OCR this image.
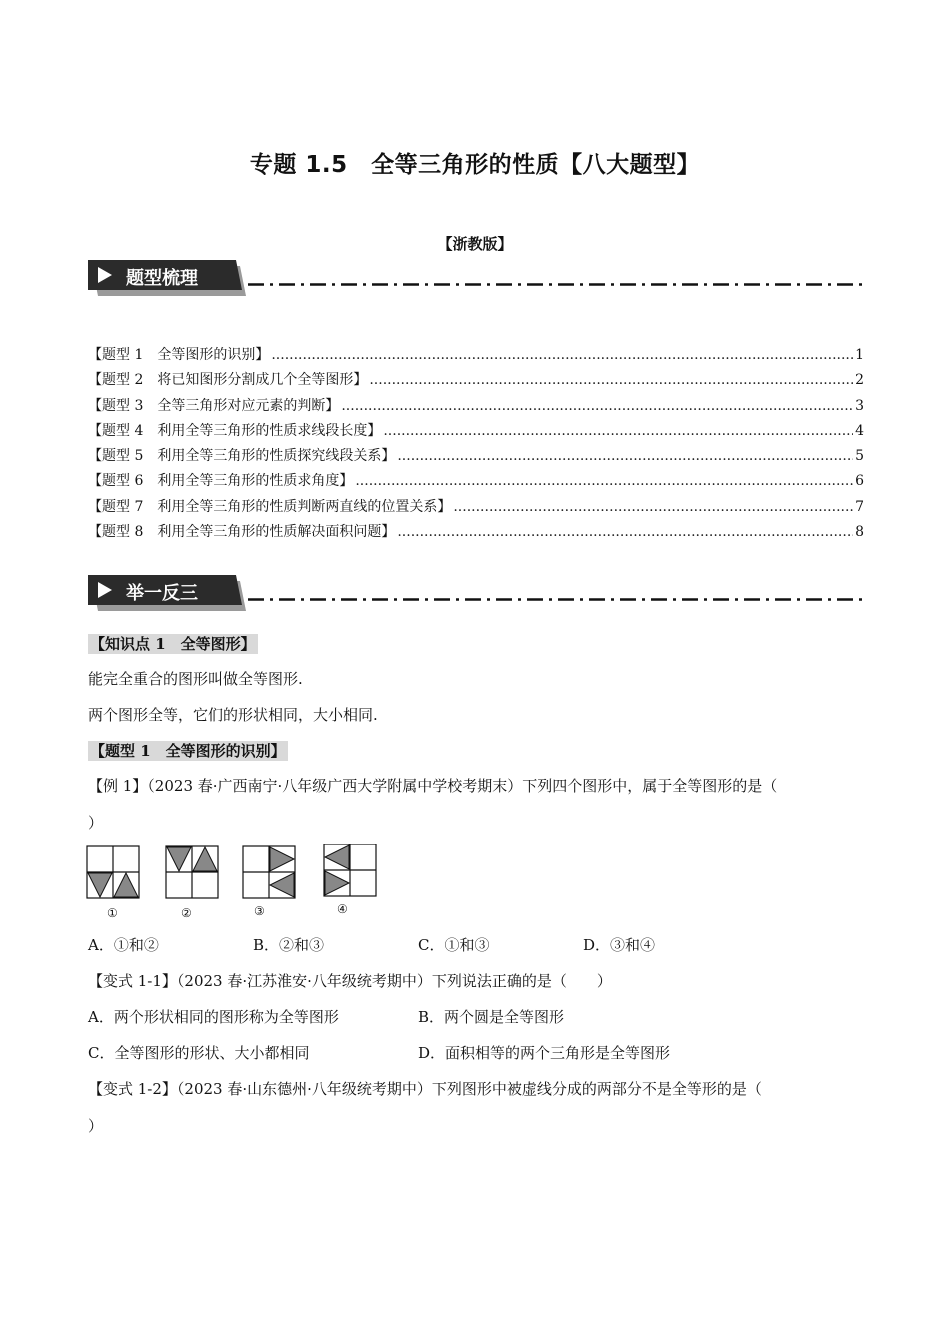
专题 1.5　全等三角形的性质【八大题型】
【浙教版】
题型梳理
【题型 1　全等图形的识别】 .....	1
【题型 2　将已知图形分割成几个全等图形】 .....	2
【题型 3　全等三角形对应元素的判断】 .....	3
【题型 4　利用全等三角形的性质求线段长度】 .....	4
【题型 5　利用全等三角形的性质探究线段关系】 .....	5
【题型 6　利用全等三角形的性质求角度】 .....	6
【题型 7　利用全等三角形的性质判断两直线的位置关系】 .....	7
【题型 8　利用全等三角形的性质解决面积问题】 .....	8
举一反三
【知识点 1　全等图形】
能完全重合的图形叫做全等图形.
两个图形全等，它们的形状相同，大小相同.
【题型 1　全等图形的识别】
【例 1】（2023 春·广西南宁·八年级广西大学附属中学校考期末）下列四个图形中，属于全等图形的是（
）
①	②	③	④
A．①和②	B．②和③	C．①和③	D．③和④
【变式 1-1】（2023 春·江苏淮安·八年级统考期中）下列说法正确的是（　　）
A．两个形状相同的图形称为全等图形	B．两个圆是全等图形
C．全等图形的形状、大小都相同	D．面积相等的两个三角形是全等图形
【变式 1-2】（2023 春·山东德州·八年级统考期中）下列图形中被虚线分成的两部分不是全等形的是（
）
